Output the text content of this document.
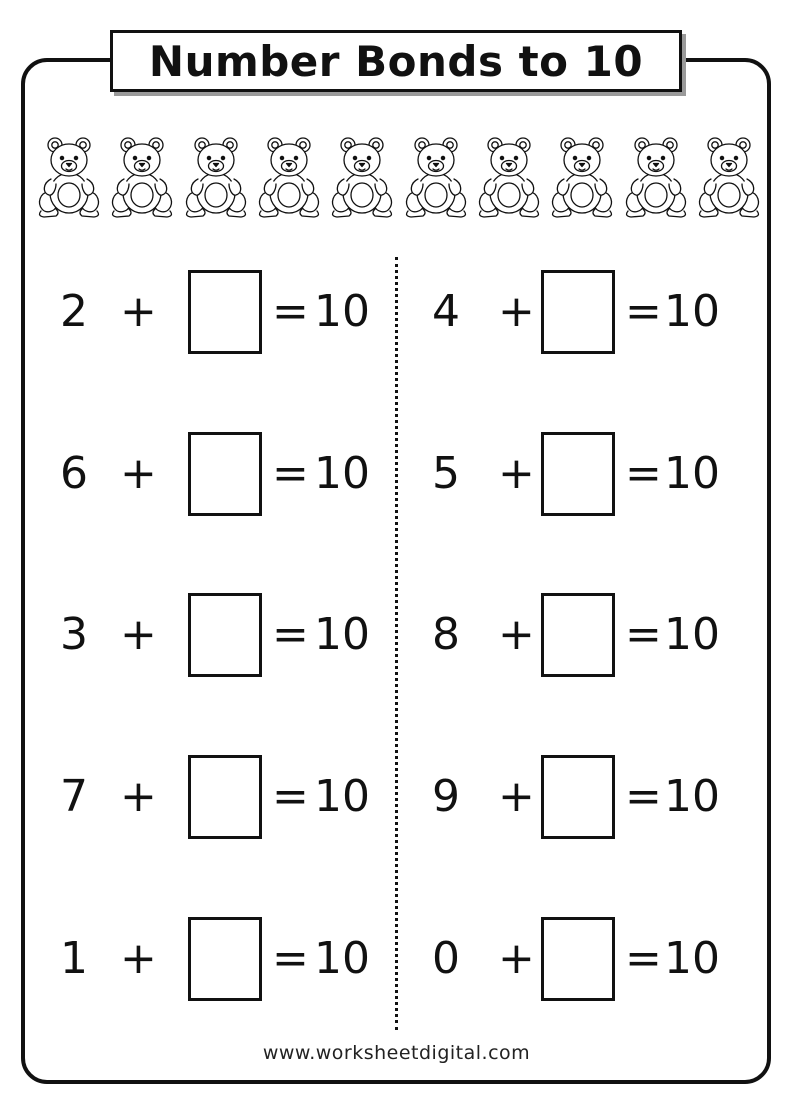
Number Bonds to 10
2 +	= 10
6 +	= 10
3 +	= 10
7 +	= 10
1 +	= 10
4 + = 10
5 + = 10
8 + = 10
9 + = 10
0 + = 10
www.worksheetdigital.com
